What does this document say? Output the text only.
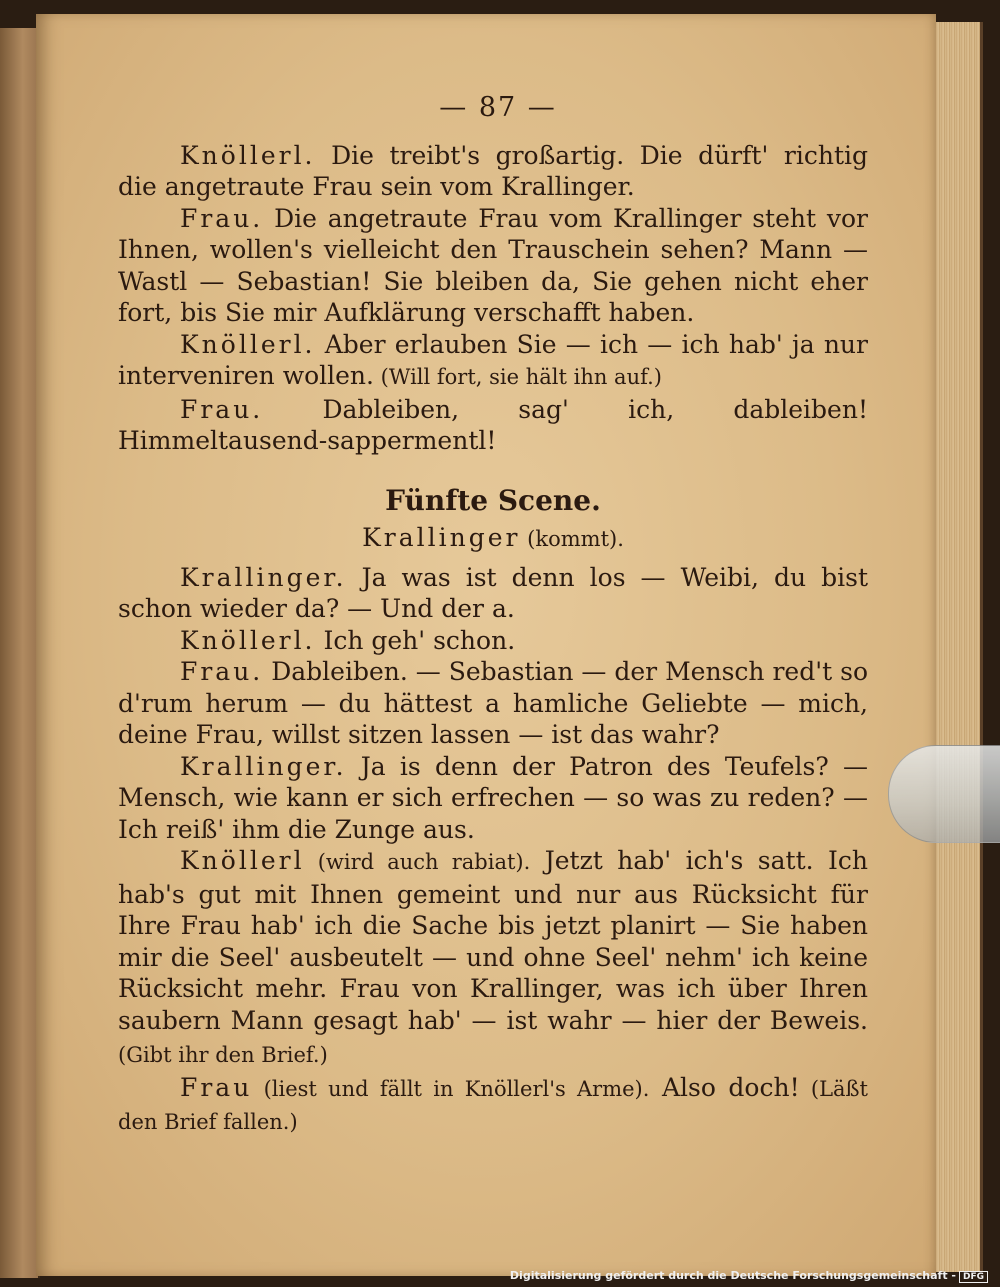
— 87 —

Knöllerl. Die treibt's großartig. Die dürft' richtig die angetraute Frau sein vom Krallinger.

Frau. Die angetraute Frau vom Krallinger steht vor Ihnen, wollen's vielleicht den Trauschein sehen? Mann — Wastl — Sebastian! Sie bleiben da, Sie gehen nicht eher fort, bis Sie mir Aufklärung verschafft haben.

Knöllerl. Aber erlauben Sie — ich — ich hab' ja nur interveniren wollen. (Will fort, sie hält ihn auf.)

Frau. Dableiben, sag' ich, dableiben! Himmeltausend-sappermentl!

Fünfte Scene.
Krallinger (kommt).

Krallinger. Ja was ist denn los — Weibi, du bist schon wieder da? — Und der a.

Knöllerl. Ich geh' schon.

Frau. Dableiben. — Sebastian — der Mensch red't so d'rum herum — du hättest a hamliche Geliebte — mich, deine Frau, willst sitzen lassen — ist das wahr?

Krallinger. Ja is denn der Patron des Teufels? — Mensch, wie kann er sich erfrechen — so was zu reden? — Ich reiß' ihm die Zunge aus.

Knöllerl (wird auch rabiat). Jetzt hab' ich's satt. Ich hab's gut mit Ihnen gemeint und nur aus Rücksicht für Ihre Frau hab' ich die Sache bis jetzt planirt — Sie haben mir die Seel' ausbeutelt — und ohne Seel' nehm' ich keine Rücksicht mehr. Frau von Krallinger, was ich über Ihren saubern Mann gesagt hab' — ist wahr — hier der Beweis. (Gibt ihr den Brief.)

Frau (liest und fällt in Knöllerl's Arme). Also doch! (Läßt den Brief fallen.)

Digitalisierung gefördert durch die Deutsche Forschungsgemeinschaft - DFG
